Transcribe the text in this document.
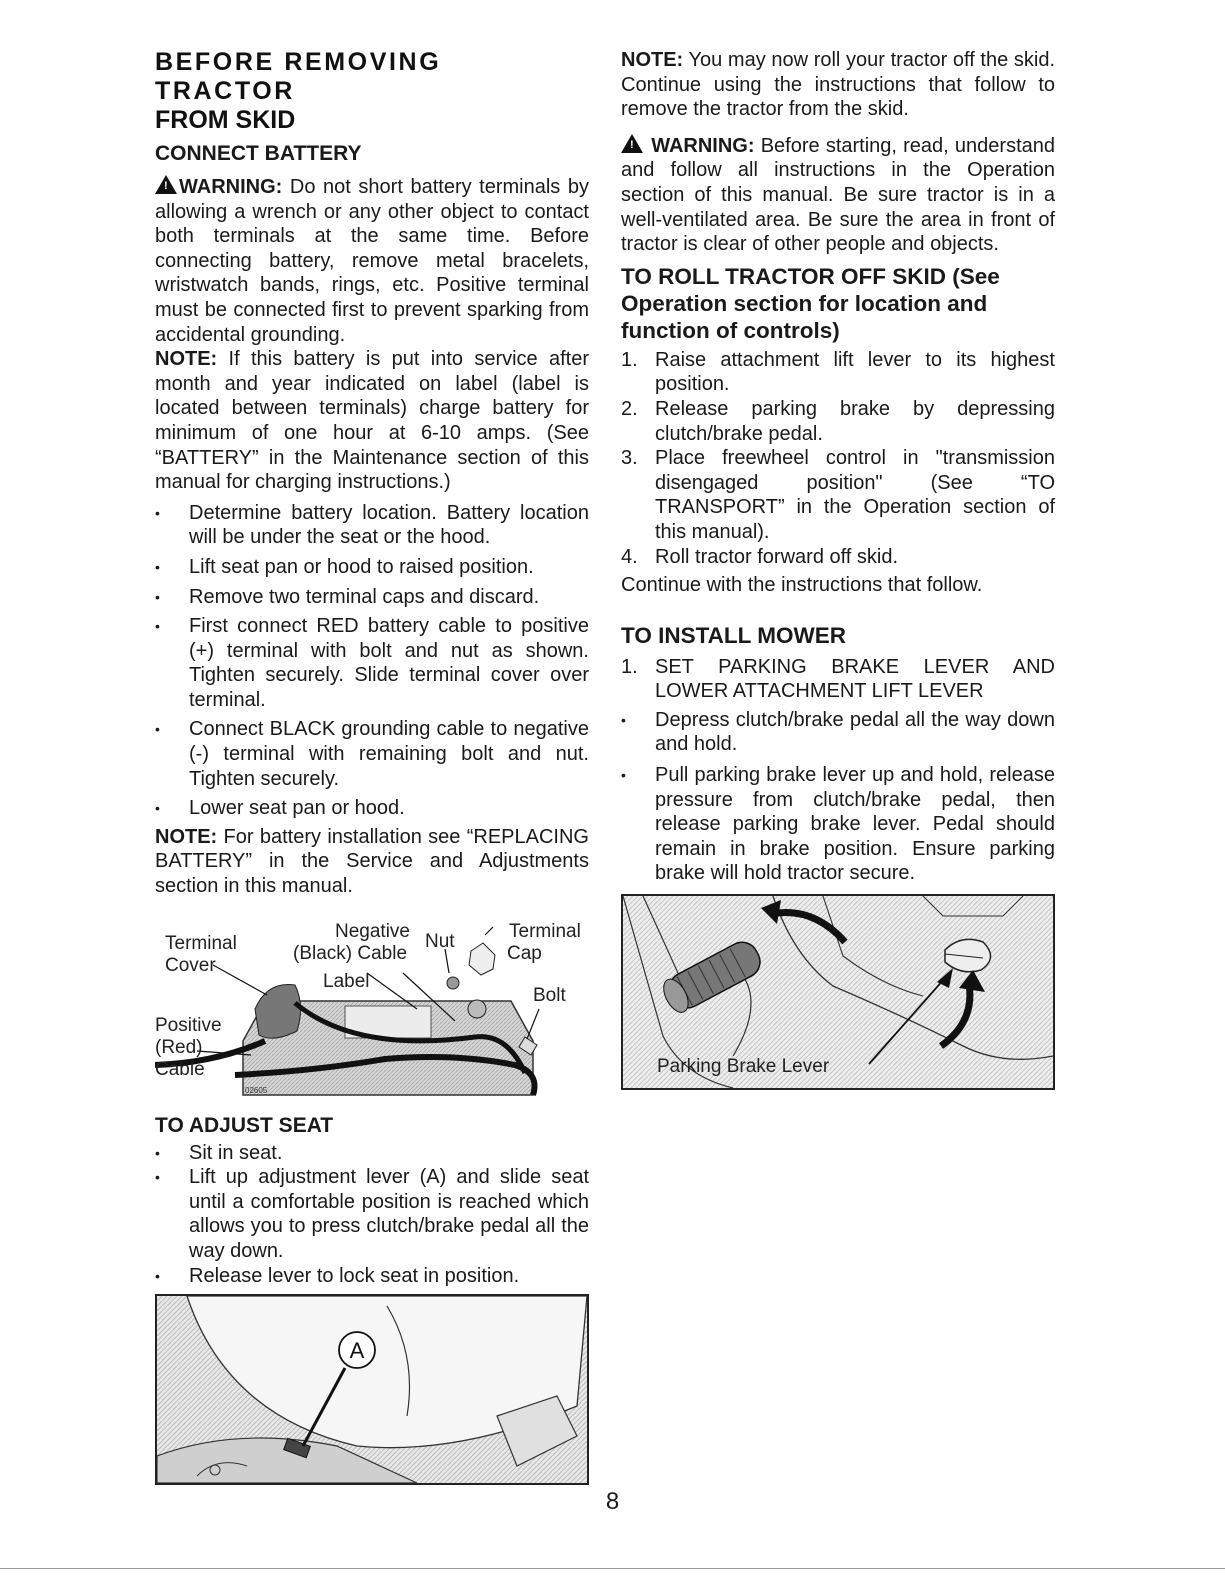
BEFORE REMOVING TRACTOR
FROM SKID
CONNECT BATTERY

! WARNING: Do not short battery terminals by allowing a wrench or any other object to contact both terminals at the same time. Before connecting battery, remove metal bracelets, wristwatch bands, rings, etc. Positive terminal must be connected first to prevent sparking from accidental grounding.

NOTE: If this battery is put into service after month and year indicated on label (label is located between terminals) charge battery for minimum of one hour at 6-10 amps. (See “BATTERY” in the Maintenance section of this manual for charging instructions.)

• Determine battery location. Battery location will be under the seat or the hood.
• Lift seat pan or hood to raised position.
• Remove two terminal caps and discard.
• First connect RED battery cable to positive (+) terminal with bolt and nut as shown. Tighten securely. Slide terminal cover over terminal.
• Connect BLACK grounding cable to negative (-) terminal with remaining bolt and nut. Tighten securely.
• Lower seat pan or hood.

NOTE: For battery installation see “REPLACING BATTERY” in the Service and Adjustments section in this manual.

Terminal
Cover
Negative
(Black) Cable
Nut	Terminal
Cap
Label
Bolt
Positive
(Red)
Cable
02605
TO ADJUST SEAT
• Sit in seat.
• Lift up adjustment lever (A) and slide seat until a comfortable position is reached which allows you to press clutch/brake pedal all the way down.
• Release lever to lock seat in position.
A

NOTE: You may now roll your tractor off the skid. Continue using the instructions that follow to remove the tractor from the skid.

! WARNING: Before starting, read, understand and follow all instructions in the Operation section of this manual. Be sure tractor is in a well-ventilated area. Be sure the area in front of tractor is clear of other people and objects.

TO ROLL TRACTOR OFF SKID (See Operation section for location and function of controls)
1. Raise attachment lift lever to its highest position.
2. Release parking brake by depressing clutch/brake pedal.
3. Place freewheel control in "transmission disengaged position" (See “TO TRANSPORT” in the Operation section of this manual).
4. Roll tractor forward off skid.

Continue with the instructions that follow.

TO INSTALL MOWER
1. SET PARKING BRAKE LEVER AND LOWER ATTACHMENT LIFT LEVER
• Depress clutch/brake pedal all the way down and hold.
• Pull parking brake lever up and hold, release pressure from clutch/brake pedal, then release parking brake lever. Pedal should remain in brake position. Ensure parking brake will hold tractor secure.
Parking Brake Lever
8
